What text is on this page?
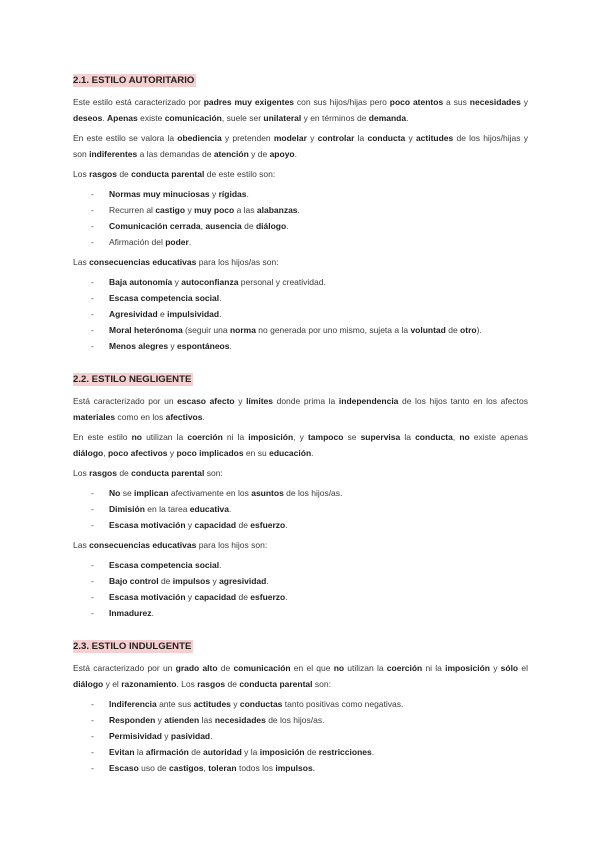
2.1. ESTILO AUTORITARIO

Este estilo está caracterizado por padres muy exigentes con sus hijos/hijas pero poco atentos a sus necesidades y deseos. Apenas existe comunicación, suele ser unilateral y en términos de demanda.

En este estilo se valora la obediencia y pretenden modelar y controlar la conducta y actitudes de los hijos/hijas y son indiferentes a las demandas de atención y de apoyo.

Los rasgos de conducta parental de este estilo son:

- Normas muy minuciosas y rígidas.
- Recurren al castigo y muy poco a las alabanzas.
- Comunicación cerrada, ausencia de diálogo.
- Afirmación del poder.

Las consecuencias educativas para los hijos/as son:

- Baja autonomía y autoconfianza personal y creatividad.
- Escasa competencia social.
- Agresividad e impulsividad.
- Moral heterónoma (seguir una norma no generada por uno mismo, sujeta a la voluntad de otro).
- Menos alegres y espontáneos.
2.2. ESTILO NEGLIGENTE

Está caracterizado por un escaso afecto y límites donde prima la independencia de los hijos tanto en los afectos materiales como en los afectivos.

En este estilo no utilizan la coerción ni la imposición, y tampoco se supervisa la conducta, no existe apenas diálogo, poco afectivos y poco implicados en su educación.

Los rasgos de conducta parental son:

- No se implican afectivamente en los asuntos de los hijos/as.
- Dimisión en la tarea educativa.
- Escasa motivación y capacidad de esfuerzo.

Las consecuencias educativas para los hijos son:

- Escasa competencia social.
- Bajo control de impulsos y agresividad.
- Escasa motivación y capacidad de esfuerzo.
- Inmadurez.
2.3. ESTILO INDULGENTE

Está caracterizado por un grado alto de comunicación en el que no utilizan la coerción ni la imposición y sólo el diálogo y el razonamiento. Los rasgos de conducta parental son:

- Indiferencia ante sus actitudes y conductas tanto positivas como negativas.
- Responden y atienden las necesidades de los hijos/as.
- Permisividad y pasividad.
- Evitan la afirmación de autoridad y la imposición de restricciones.
- Escaso uso de castigos, toleran todos los impulsos.
